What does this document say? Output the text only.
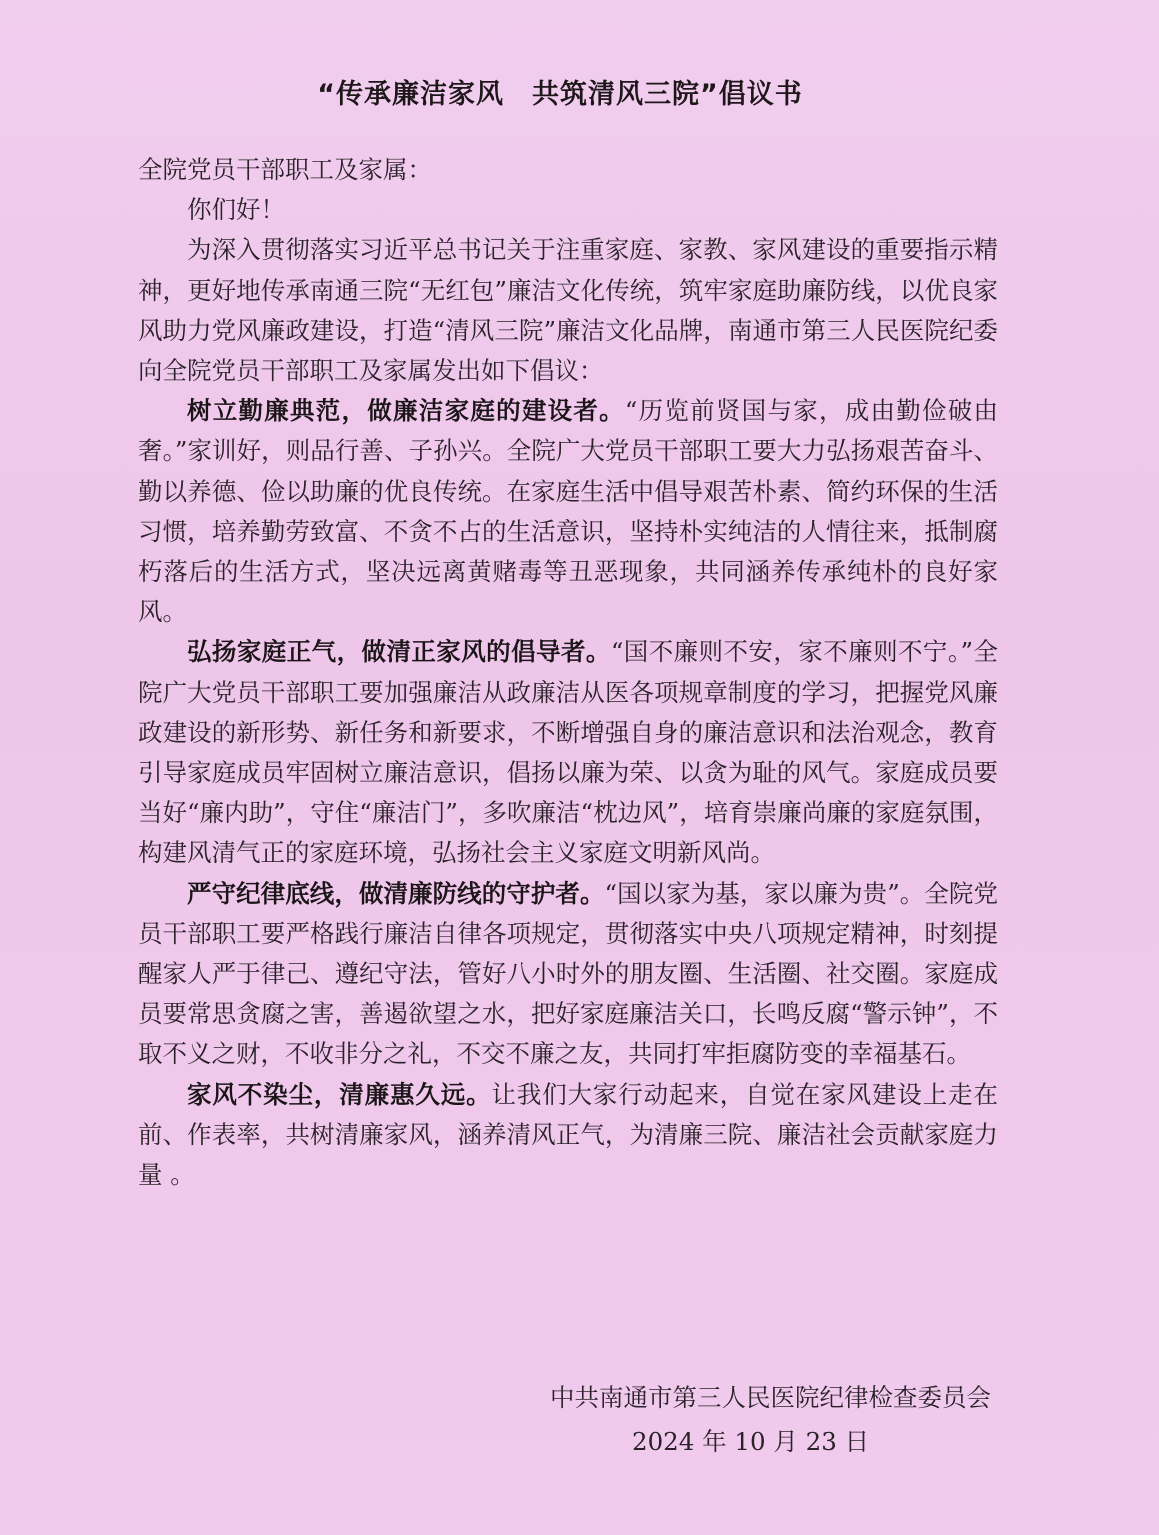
“传承廉洁家风　共筑清风三院”倡议书

全院党员干部职工及家属：

你们好！

为深入贯彻落实习近平总书记关于注重家庭、家教、家风建设的重要指示精神，更好地传承南通三院“无红包”廉洁文化传统，筑牢家庭助廉防线，以优良家风助力党风廉政建设，打造“清风三院”廉洁文化品牌，南通市第三人民医院纪委向全院党员干部职工及家属发出如下倡议：

树立勤廉典范，做廉洁家庭的建设者。“历览前贤国与家，成由勤俭破由奢。”家训好，则品行善、子孙兴。全院广大党员干部职工要大力弘扬艰苦奋斗、勤以养德、俭以助廉的优良传统。在家庭生活中倡导艰苦朴素、简约环保的生活习惯，培养勤劳致富、不贪不占的生活意识，坚持朴实纯洁的人情往来，抵制腐朽落后的生活方式，坚决远离黄赌毒等丑恶现象，共同涵养传承纯朴的良好家风。

弘扬家庭正气，做清正家风的倡导者。“国不廉则不安，家不廉则不宁。”全院广大党员干部职工要加强廉洁从政廉洁从医各项规章制度的学习，把握党风廉政建设的新形势、新任务和新要求，不断增强自身的廉洁意识和法治观念，教育引导家庭成员牢固树立廉洁意识，倡扬以廉为荣、以贪为耻的风气。家庭成员要当好“廉内助”，守住“廉洁门”，多吹廉洁“枕边风”，培育崇廉尚廉的家庭氛围，构建风清气正的家庭环境，弘扬社会主义家庭文明新风尚。

严守纪律底线，做清廉防线的守护者。“国以家为基，家以廉为贵”。全院党员干部职工要严格践行廉洁自律各项规定，贯彻落实中央八项规定精神，时刻提醒家人严于律己、遵纪守法，管好八小时外的朋友圈、生活圈、社交圈。家庭成员要常思贪腐之害，善遏欲望之水，把好家庭廉洁关口，长鸣反腐“警示钟”，不取不义之财，不收非分之礼，不交不廉之友，共同打牢拒腐防变的幸福基石。

家风不染尘，清廉惠久远。让我们大家行动起来，自觉在家风建设上走在前、作表率，共树清廉家风，涵养清风正气，为清廉三院、廉洁社会贡献家庭力量 。

中共南通市第三人民医院纪律检查委员会
2024 年 10 月 23 日
